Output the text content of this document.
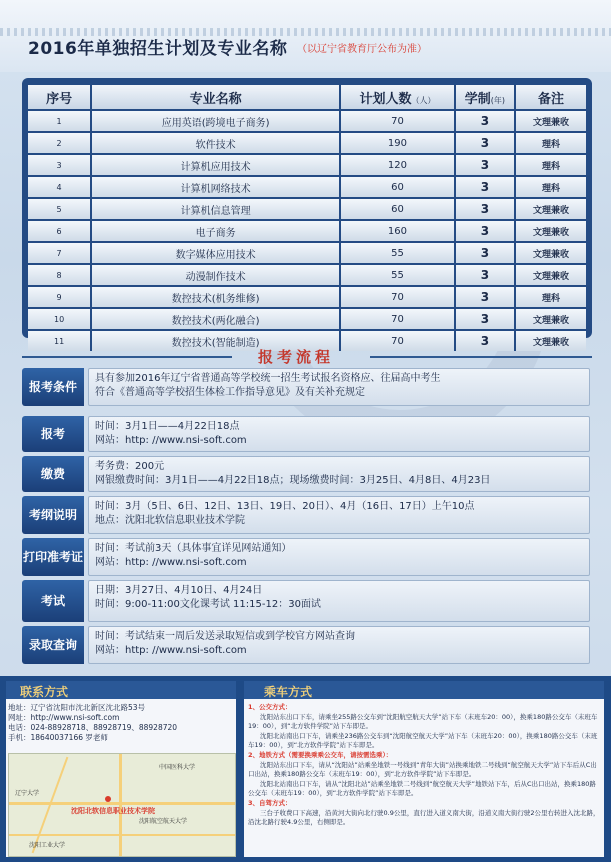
2016年单独招生计划及专业名称 （以辽宁省教育厅公布为准）
序号	专业名称	计划人数（人）	学制(年)	备注
1	应用英语(跨境电子商务)	70	3	文理兼收
2	软件技术	190	3	理科
3	计算机应用技术	120	3	理科
4	计算机网络技术	60	3	理科
5	计算机信息管理	60	3	文理兼收
6	电子商务	160	3	文理兼收
7	数字媒体应用技术	55	3	文理兼收
8	动漫制作技术	55	3	文理兼收
9	数控技术(机务维修)	70	3	理科
10	数控技术(两化融合)	70	3	文理兼收
11	数控技术(智能制造)	70	3	文理兼收
报考流程
报考条件
具有参加2016年辽宁省普通高等学校统一招生考试报名资格应、往届高中考生
符合《普通高等学校招生体检工作指导意见》及有关补充规定
报考	时间：3月1日——4月22日18点
网站：http: //www.nsi-soft.com
缴费	考务费：200元
网银缴费时间：3月1日——4月22日18点；现场缴费时间：3月25日、4月8日、4月23日
考纲说明
时间：3月（5日、6日、12日、13日、19日、20日）、4月（16日、17日）上午10点
地点：沈阳北软信息职业技术学院
打印准考证
时间：考试前3天（具体事宜详见网站通知）
网站：http: //www.nsi-soft.com
考试
日期：3月27日、4月10日、4月24日
时间：9:00-11:00文化课考试 11:15-12：30面试
录取查询
时间：考试结束一周后发送录取短信或到学校官方网站查询
网站：http: //www.nsi-soft.com
联系方式
地址：辽宁省沈阳市沈北新区沈北路53号
网址：http://www.nsi-soft.com
电话：024-88928718、88928719、88928720
手机：18640037166 罗老师
沈阳北软信息职业技术学院
中国医科大学
辽宁大学
沈阳航空航天大学
沈阳工业大学
乘车方式
1、公交方式：
沈阳站东出口下车，请乘坐255路公交车到“沈阳航空航天大学”站下车（末班车20：00），换乘180路公交车（末班车19：00），到“北方软件学院”站下车即是。
沈阳北站南出口下车，请乘坐236路公交车到“沈阳航空航天大学”站下车（末班车20：00），换乘180路公交车（末班车19：00），到“北方软件学院”站下车即是。
2、地铁方式（需要换乘乘公交车，请按需选乘）：
沈阳站东出口下车，请从“沈阳站”站乘坐地铁一号线到“青年大街”站换乘地铁二号线到“航空航天大学”站下车后从C出口出站，换乘180路公交车（末班车19：00），到“北方软件学院”站下车即是。
沈阳北站南出口下车，请从“沈阳北站”站乘坐地铁二号线到“航空航天大学”地铁站下车，后从C出口出站，换乘180路公交车（末班车19：00），到“北方软件学院”站下车即是。
3、自驾方式：
三台子收费口下高速，沿黄河大街向北行驶0.9公里，直行进入道义南大街，沿道义南大街行驶2公里右转进入沈北路，沿沈北路行驶4.9公里，右侧即是。
